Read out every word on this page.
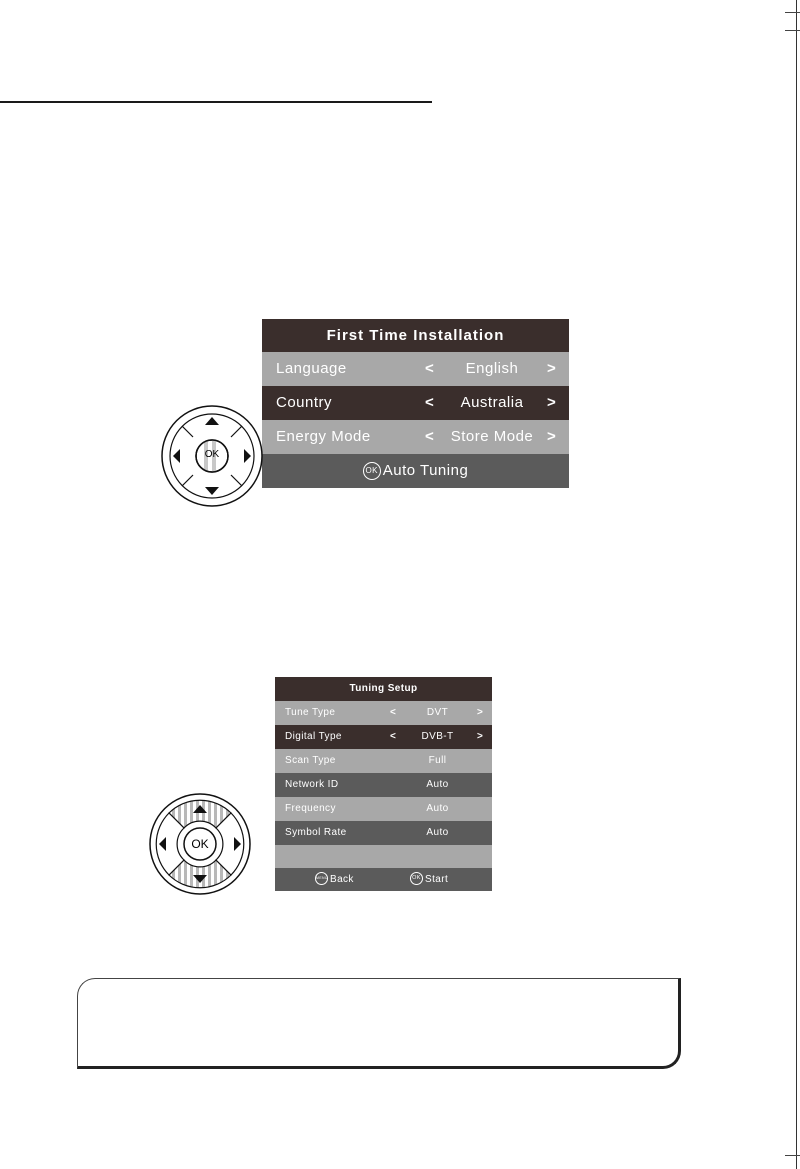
First Time Installation
Language	<	English	>
Country	<	Australia	>
Energy Mode	<	Store Mode >
OK Auto Tuning
OK
Tuning Setup
Tune Type	<	DVT	>
Digital Type	<	DVB-T	>
Scan Type	Full
Network ID	Auto
Frequency	Auto
Symbol Rate	Auto
MENU Back	OK Start
OK
